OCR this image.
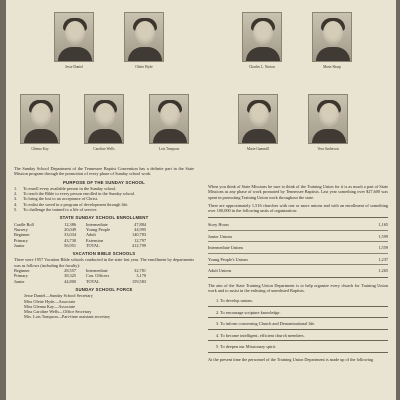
Jesse Daniel	Olette Hyde	Charles L. Norton	Marie Sharp
Glenna Kay	Caroline Wells	Lois Tompson	Marie Gammill	Vera Anderson

The Sunday School Department of the Tennessee Baptist Convention has a definite part in the State Mission program through the promotion of every phase of Sunday school work.

PURPOSE OF THE SUNDAY SCHOOL
1.	To enroll every available person in the Sunday school.
2.	To teach the Bible to every person enrolled in the Sunday school.
3.	To bring the lost to an acceptance of Christ.
4.	To enlist the saved in a program of development through life.
5.	To challenge the trained to a life of service.
STATE SUNDAY SCHOOL ENROLLMENT
Cradle Roll	12,386	Intermediate	47,884
Nursery	20,049	Young People	44,995
Beginner	33,034	Adult	140,783
Primary	43,730	Extension	12,797
Junior	56,951	TOTAL	412,799
VACATION BIBLE SCHOOLS

There were 1957 Vacation Bible schools conducted in the state last year. The enrollment by departments was as follows (including the faculty):

Beginner	28,557	Intermediate	32,781
Primary	38,325	Con. Officers	3,170
Junior	44,800	TOTAL	159,583
SUNDAY SCHOOL FORCE
Jesse Daniel—Sunday School Secretary
Miss Olette Hyde—Associate
Miss Glenna Kay—Associate
Miss Caroline Wells—Office Secretary
Mrs. Lois Tompson—Part-time assistant secretary

When you think of State Missions be sure to think of the Training Union for it is as much a part of State Missions as any phase of work promoted by Tennessee Baptists. Last year something over $27,600 was spent in promoting Training Union work throughout the state.

There are approximately 1,516 churches with one or more unions and with an enrollment of something over 100,000 in the following units of organization:

Story Hours	1,165
Junior Unions	1,599
Intermediate Unions	1,559
Young People's Unions	1,237
Adult Unions	1,265

The aim of the State Training Union Department is to help organize every church for Training Union work and to assist in the enlisting of unenlisted Baptists.

1. To develop unions.
2. To encourage scripture knowledge.
3. To inform concerning Church and Denominational life.
4. To become intelligent, efficient church members.
5. To deepen our Missionary spirit.

At the present time the personnel of the Training Union Department is made up of the following
